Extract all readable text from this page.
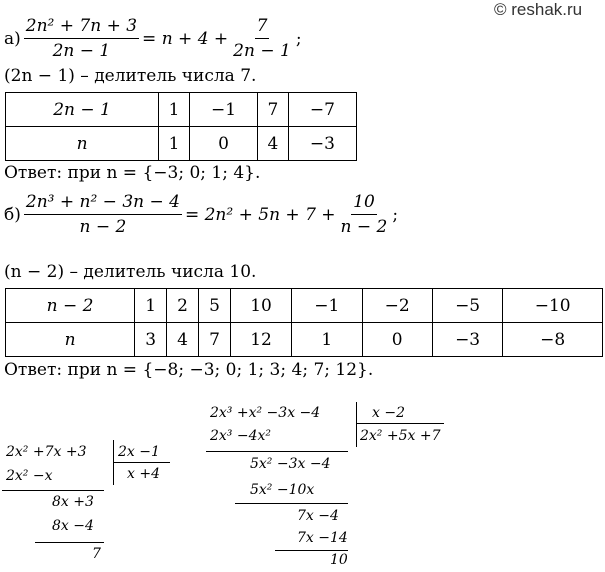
© reshak.ru
$а) \frac{\text{2n² + 7n + 3}}{2n - 1} = n + 4 + \frac{7}{2n - 1}$ ;
(2n − 1) – делитель числа 7.
2n − 1	1	−1	7	−7
n	1	0	4	−3
Ответ: при n = {−3; 0; 1; 4}.
$б) \frac{\text{2n³ + n² − 3n − 4}}{n - 2} = 2n^2 + 5n + 7 + \frac{10}{n - 2}$ ;
(n − 2) – делитель числа 10.
n − 2	1	2	5	10	−1	−2	−5	−10
n	3	4	7	12	1	0	−3	−8
Ответ: при n = {−8; −3; 0; 1; 3; 4; 7; 12}.
2x² +7x +3 2x −1
x +4
2x² −x
8x +3
8x −4
7
2x³ +x² −3x −4	x −2
2x² +5x +7
2x³ −4x²
5x² −3x −4
5x² −10x
7x −4
7x −14
10
